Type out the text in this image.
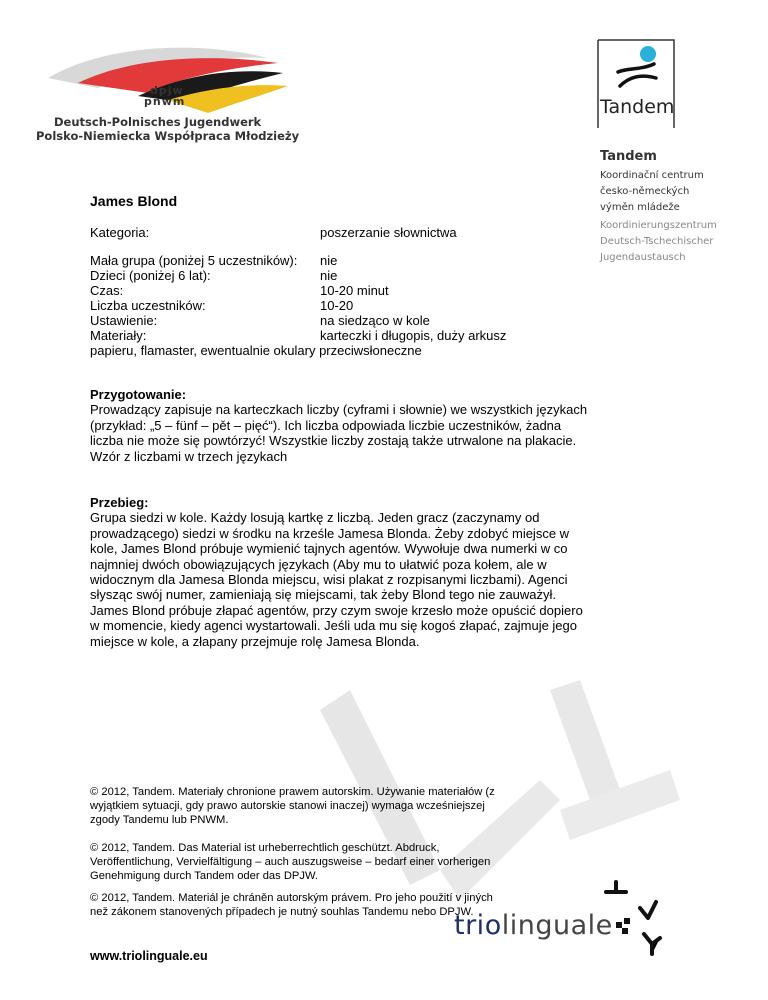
dpjw
pnwm
Deutsch-Polnisches Jugendwerk
Polsko-Niemiecka Współpraca Młodzieży
Tandem
Tandem
Koordinační centrum
česko-německých
výměn mládeže
Koordinierungszentrum
Deutsch-Tschechischer
Jugendaustausch
James Blond
Kategoria:	poszerzanie słownictwa
Mała grupa (poniżej 5 uczestników): nie
Dzieci (poniżej 6 lat):	nie
Czas:	10-20 minut
Liczba uczestników:	10-20
Ustawienie:	na siedząco w kole
Materiały:	karteczki i długopis, duży arkusz
papieru, flamaster, ewentualnie okulary przeciwsłoneczne
Przygotowanie:
Prowadzący zapisuje na karteczkach liczby (cyframi i słownie) we wszystkich językach (przykład: „5 – fünf – pět – pięć“). Ich liczba odpowiada liczbie uczestników, żadna liczba nie może się powtórzyć! Wszystkie liczby zostają także utrwalone na plakacie.
Wzór z liczbami w trzech językach
Przebieg:
Grupa siedzi w kole. Każdy losują kartkę z liczbą. Jeden gracz (zaczynamy od prowadzącego) siedzi w środku na krześle Jamesa Blonda. Żeby zdobyć miejsce w kole, James Blond próbuje wymienić tajnych agentów. Wywołuje dwa numerki w co najmniej dwóch obowiązujących językach (Aby mu to ułatwić poza kołem, ale w widocznym dla Jamesa Blonda miejscu, wisi plakat z rozpisanymi liczbami). Agenci słysząc swój numer, zamieniają się miejscami, tak żeby Blond tego nie zauważył. James Blond próbuje złapać agentów, przy czym swoje krzesło może opuścić dopiero w momencie, kiedy agenci wystartowali. Jeśli uda mu się kogoś złapać, zajmuje jego miejsce w kole, a złapany przejmuje rolę Jamesa Blonda.
© 2012, Tandem. Materiały chronione prawem autorskim. Używanie materiałów (z wyjątkiem sytuacji, gdy prawo autorskie stanowi inaczej) wymaga wcześniejszej zgody Tandemu lub PNWM.
© 2012, Tandem. Das Material ist urheberrechtlich geschützt. Abdruck, Veröffentlichung, Vervielfältigung – auch auszugsweise – bedarf einer vorherigen Genehmigung durch Tandem oder das DPJW.
© 2012, Tandem. Materiál je chráněn autorským právem. Pro jeho použití v jiných než zákonem stanovených případech je nutný souhlas Tandemu nebo DPJW.
www.triolinguale.eu
triolinguale
